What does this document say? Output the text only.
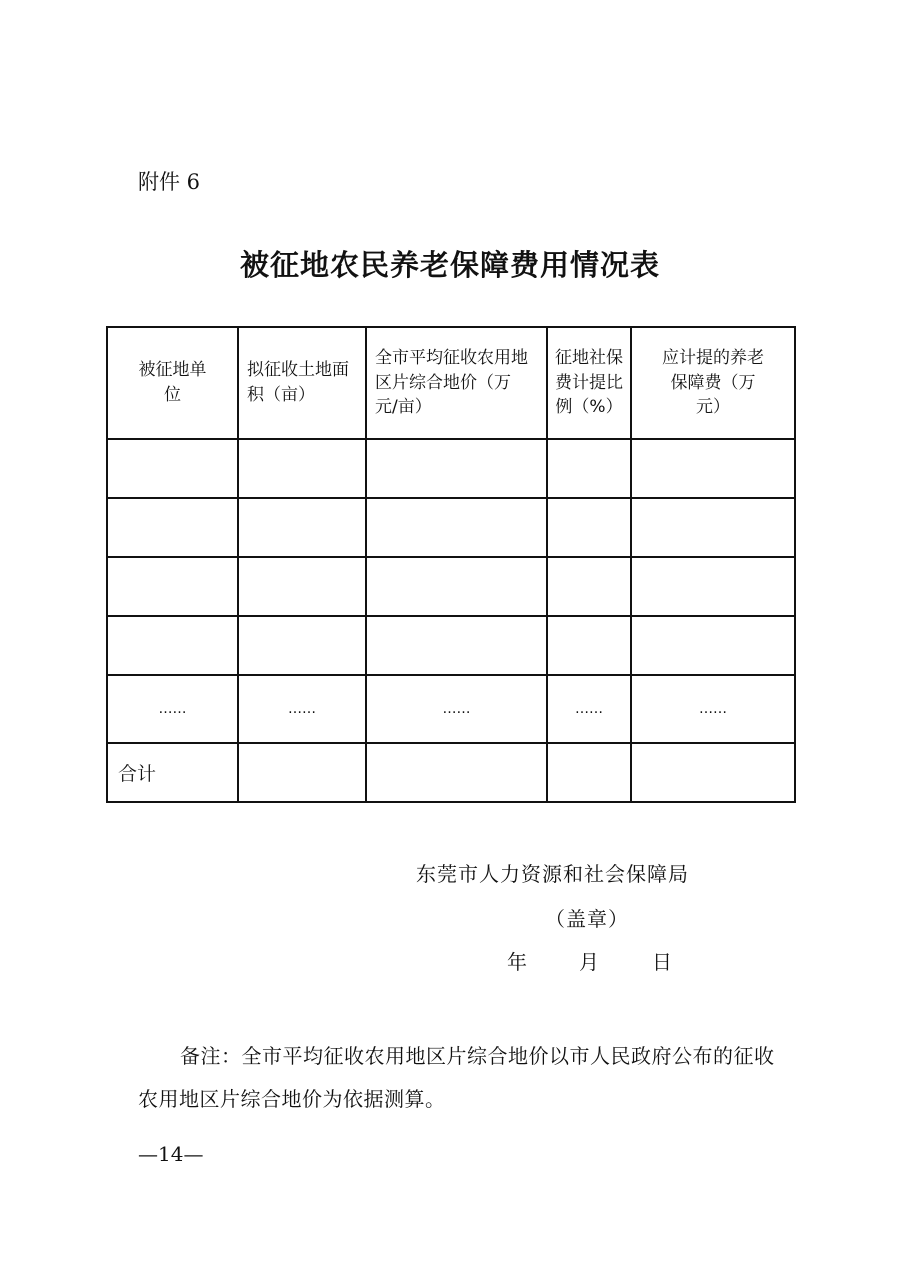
附件 6
被征地农民养老保障费用情况表
被征地单位	拟征收土地面积（亩）	全市平均征收农用地区片综合地价（万元/亩）	征地社保费计提比例（%）	应计提的养老保障费（万元）

……	……	……	……	……
合计				
东莞市人力资源和社会保障局
（盖章）
年	月	日
备注：全市平均征收农用地区片综合地价以市人民政府公布的征收农用地区片综合地价为依据测算。
—14—
